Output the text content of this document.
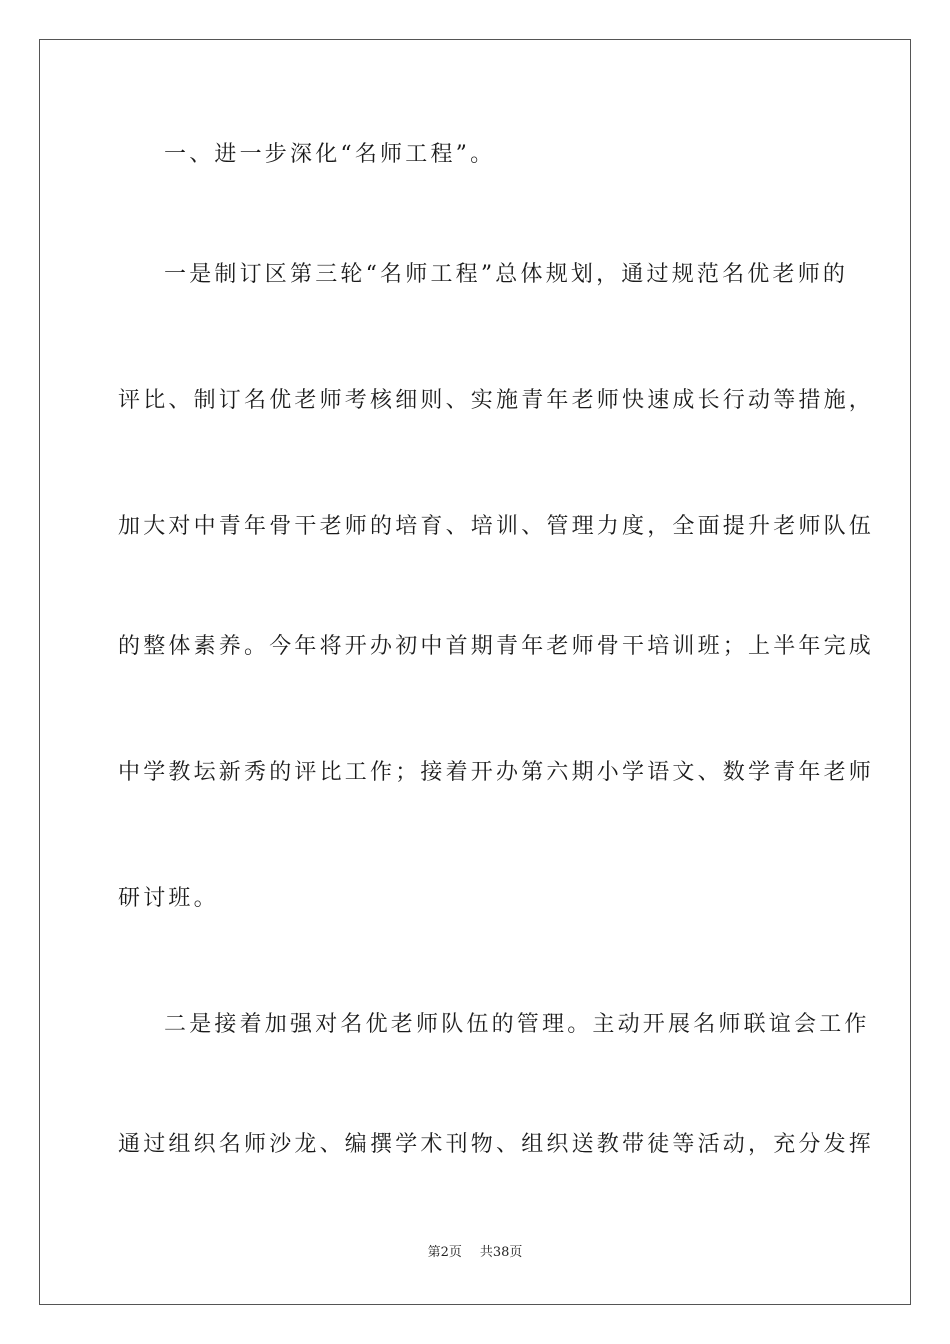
一、进一步深化“名师工程”。
一是制订区第三轮“名师工程”总体规划，通过规范名优老师的
评比、制订名优老师考核细则、实施青年老师快速成长行动等措施，
加大对中青年骨干老师的培育、培训、管理力度，全面提升老师队伍
的整体素养。今年将开办初中首期青年老师骨干培训班；上半年完成
中学教坛新秀的评比工作；接着开办第六期小学语文、数学青年老师
研讨班。
二是接着加强对名优老师队伍的管理。主动开展名师联谊会工作
通过组织名师沙龙、编撰学术刊物、组织送教带徒等活动，充分发挥
第2页 共38页
